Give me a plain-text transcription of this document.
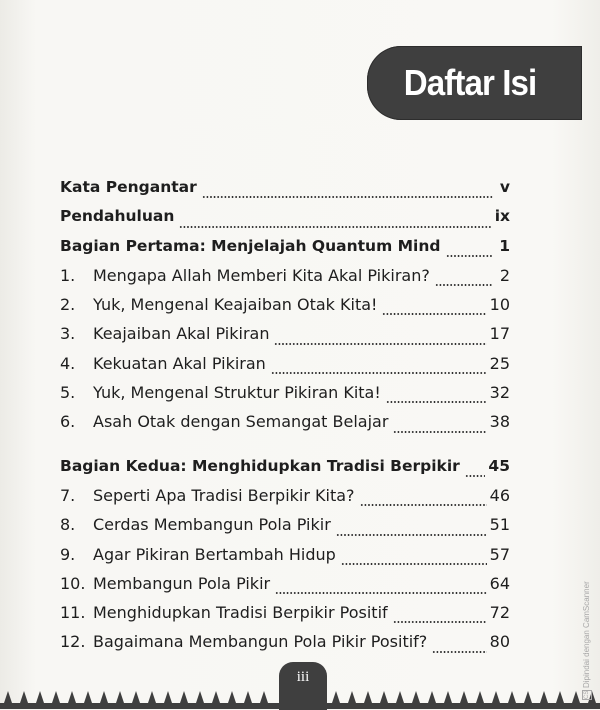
Daftar Isi
Kata Pengantar	v
Pendahuluan	ix
Bagian Pertama: Menjelajah Quantum Mind	1
1.	Mengapa Allah Memberi Kita Akal Pikiran?	2
2.	Yuk, Mengenal Keajaiban Otak Kita!	10
3.	Keajaiban Akal Pikiran	17
4.	Kekuatan Akal Pikiran	25
5.	Yuk, Mengenal Struktur Pikiran Kita!	32
6.	Asah Otak dengan Semangat Belajar	38
Bagian Kedua: Menghidupkan Tradisi Berpikir 45
7.	Seperti Apa Tradisi Berpikir Kita?	46
8.	Cerdas Membangun Pola Pikir	51
9.	Agar Pikiran Bertambah Hidup	57
10. Membangun Pola Pikir	64
11. Menghidupkan Tradisi Berpikir Positif	72
12. Bagaimana Membangun Pola Pikir Positif?	80
iii
CSDipindai dengan CamScanner
